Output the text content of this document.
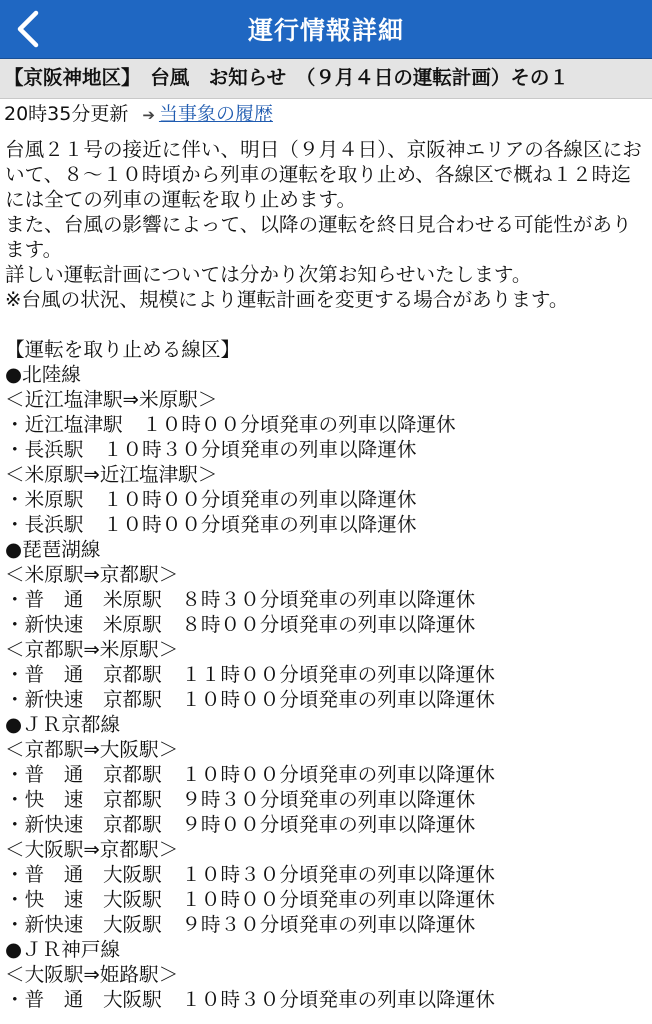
運行情報詳細
【京阪神地区】　台風　お知らせ　（９月４日の運転計画）その１
20時35分更新 ➔ 当事象の履歴
台風２１号の接近に伴い、明日（９月４日）、京阪神エリアの各線区において、８～１０時頃から列車の運転を取り止め、各線区で概ね１２時迄には全ての列車の運転を取り止めます。
また、台風の影響によって、以降の運転を終日見合わせる可能性があります。
詳しい運転計画については分かり次第お知らせいたします。
※台風の状況、規模により運転計画を変更する場合があります。
【運転を取り止める線区】
●北陸線
＜近江塩津駅⇒米原駅＞
・近江塩津駅　１０時００分頃発車の列車以降運休
・長浜駅　１０時３０分頃発車の列車以降運休
＜米原駅⇒近江塩津駅＞
・米原駅　１０時００分頃発車の列車以降運休
・長浜駅　１０時００分頃発車の列車以降運休
●琵琶湖線
＜米原駅⇒京都駅＞
・普　通　米原駅　８時３０分頃発車の列車以降運休
・新快速　米原駅　８時００分頃発車の列車以降運休
＜京都駅⇒米原駅＞
・普　通　京都駅　１１時００分頃発車の列車以降運休
・新快速　京都駅　１０時００分頃発車の列車以降運休
●ＪＲ京都線
＜京都駅⇒大阪駅＞
・普　通　京都駅　１０時００分頃発車の列車以降運休
・快　速　京都駅　９時３０分頃発車の列車以降運休
・新快速　京都駅　９時００分頃発車の列車以降運休
＜大阪駅⇒京都駅＞
・普　通　大阪駅　１０時３０分頃発車の列車以降運休
・快　速　大阪駅　１０時００分頃発車の列車以降運休
・新快速　大阪駅　９時３０分頃発車の列車以降運休
●ＪＲ神戸線
＜大阪駅⇒姫路駅＞
・普　通　大阪駅　１０時３０分頃発車の列車以降運休
